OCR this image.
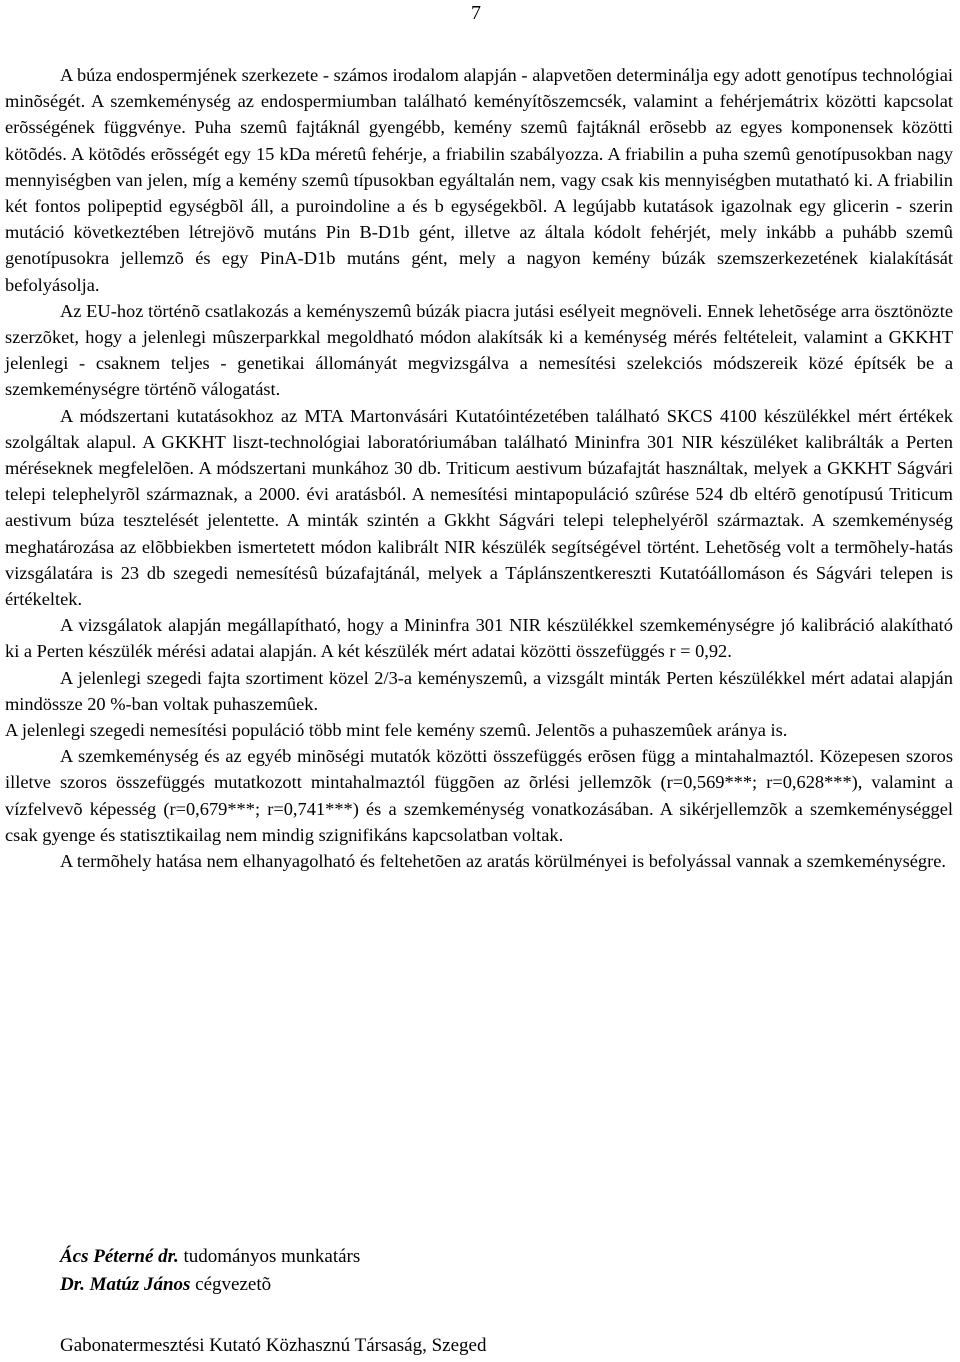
7

A búza endospermjének szerkezete - számos irodalom alapján - alapvetõen determinálja egy adott genotípus technológiai minõségét. A szemkeménység az endospermiumban található keményítõszemcsék, valamint a fehérjemátrix közötti kapcsolat erõsségének függvénye. Puha szemû fajtáknál gyengébb, kemény szemû fajtáknál erõsebb az egyes komponensek közötti kötõdés. A kötõdés erõsségét egy 15 kDa méretû fehérje, a friabilin szabályozza. A friabilin a puha szemû genotípusokban nagy mennyiségben van jelen, míg a kemény szemû típusokban egyáltalán nem, vagy csak kis mennyiségben mutatható ki. A friabilin két fontos polipeptid egységbõl áll, a puroindoline a és b egységekbõl. A legújabb kutatások igazolnak egy glicerin - szerin mutáció következtében létrejövõ mutáns Pin B-D1b gént, illetve az általa kódolt fehérjét, mely inkább a puhább szemû genotípusokra jellemzõ és egy PinA-D1b mutáns gént, mely a nagyon kemény búzák szemszerkezetének kialakítását befolyásolja.

Az EU-hoz történõ csatlakozás a keményszemû búzák piacra jutási esélyeit megnöveli. Ennek lehetõsége arra ösztönözte szerzõket, hogy a jelenlegi mûszerparkkal megoldható módon alakítsák ki a keménység mérés feltételeit, valamint a GKKHT jelenlegi - csaknem teljes - genetikai állományát megvizsgálva a nemesítési szelekciós módszereik közé építsék be a szemkeménységre történõ válogatást.

A módszertani kutatásokhoz az MTA Martonvásári Kutatóintézetében található SKCS 4100 készülékkel mért értékek szolgáltak alapul. A GKKHT liszt-technológiai laboratóriumában található Mininfra 301 NIR készüléket kalibrálták a Perten méréseknek megfelelõen. A módszertani munkához 30 db. Triticum aestivum búzafajtát használtak, melyek a GKKHT Ságvári telepi telephelyrõl származnak, a 2000. évi aratásból. A nemesítési mintapopuláció szûrése 524 db eltérõ genotípusú Triticum aestivum búza tesztelését jelentette. A minták szintén a Gkkht Ságvári telepi telephelyérõl származtak. A szemkeménység meghatározása az elõbbiekben ismertetett módon kalibrált NIR készülék segítségével történt. Lehetõség volt a termõhely-hatás vizsgálatára is 23 db szegedi nemesítésû búzafajtánál, melyek a Táplánszentkereszti Kutatóállomáson és Ságvári telepen is értékeltek.

A vizsgálatok alapján megállapítható, hogy a Mininfra 301 NIR készülékkel szemkeménységre jó kalibráció alakítható ki a Perten készülék mérési adatai alapján. A két készülék mért adatai közötti összefüggés r = 0,92.

A jelenlegi szegedi fajta szortiment közel 2/3-a keményszemû, a vizsgált minták Perten készülékkel mért adatai alapján mindössze 20 %-ban voltak puhaszemûek.

A jelenlegi szegedi nemesítési populáció több mint fele kemény szemû. Jelentõs a puhaszemûek aránya is.

A szemkeménység és az egyéb minõségi mutatók közötti összefüggés erõsen függ a mintahalmaztól. Közepesen szoros illetve szoros összefüggés mutatkozott mintahalmaztól függõen az õrlési jellemzõk (r=0,569***; r=0,628***), valamint a vízfelvevõ képesség (r=0,679***; r=0,741***) és a szemkeménység vonatkozásában. A sikérjellemzõk a szemkeménységgel csak gyenge és statisztikailag nem mindig szignifikáns kapcsolatban voltak.

A termõhely hatása nem elhanyagolható és feltehetõen az aratás körülményei is befolyással vannak a szemkeménységre.

Ács Péterné dr. tudományos munkatárs
Dr. Matúz János cégvezetõ
Gabonatermesztési Kutató Közhasznú Társaság, Szeged
